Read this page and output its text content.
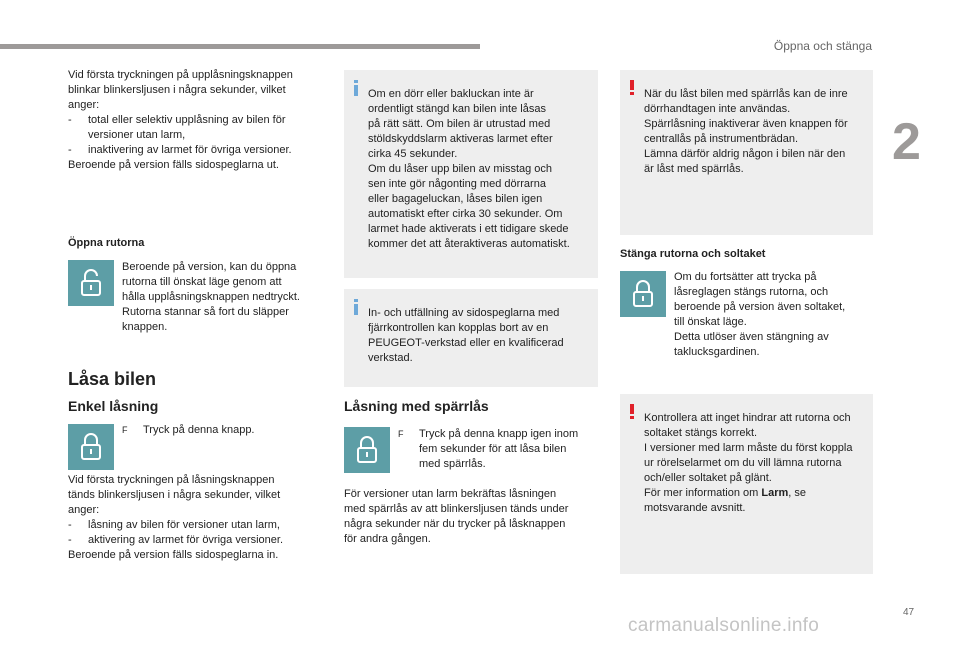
Öppna och stänga
2

Vid första tryckningen på upplåsningsknappen
blinkar blinkersljusen i några sekunder, vilket
anger:

- total eller selektiv upplåsning av bilen för
versioner utan larm,
- inaktivering av larmet för övriga versioner.

Beroende på version fälls sidospeglarna ut.

Öppna rutorna

Beroende på version, kan du öppna
rutorna till önskat läge genom att
hålla upplåsningsknappen nedtryckt.
Rutorna stannar så fort du släpper
knappen.

Låsa bilen
Enkel låsning
F Tryck på denna knapp.

Vid första tryckningen på låsningsknappen
tänds blinkersljusen i några sekunder, vilket
anger:

- låsning av bilen för versioner utan larm,
- aktivering av larmet för övriga versioner.

Beroende på version fälls sidospeglarna in.

Om en dörr eller bakluckan inte är
ordentligt stängd kan bilen inte låsas
på rätt sätt. Om bilen är utrustad med
stöldskyddslarm aktiveras larmet efter
cirka 45 sekunder.
Om du låser upp bilen av misstag och
sen inte gör någonting med dörrarna
eller bagageluckan, låses bilen igen
automatiskt efter cirka 30 sekunder. Om
larmet hade aktiverats i ett tidigare skede
kommer det att återaktiveras automatiskt.

In- och utfällning av sidospeglarna med
fjärrkontrollen kan kopplas bort av en
PEUGEOT-verkstad eller en kvalificerad
verkstad.

Låsning med spärrlås
F Tryck på denna knapp igen inom
fem sekunder för att låsa bilen
med spärrlås.

För versioner utan larm bekräftas låsningen
med spärrlås av att blinkersljusen tänds under
några sekunder när du trycker på låsknappen
för andra gången.

När du låst bilen med spärrlås kan de inre
dörrhandtagen inte användas.
Spärrlåsning inaktiverar även knappen för
centrallås på instrumentbrädan.
Lämna därför aldrig någon i bilen när den
är låst med spärrlås.

Stänga rutorna och soltaket

Om du fortsätter att trycka på
låsreglagen stängs rutorna, och
beroende på version även soltaket,
till önskat läge.
Detta utlöser även stängning av
taklucksgardinen.

Kontrollera att inget hindrar att rutorna och
soltaket stängs korrekt.
I versioner med larm måste du först koppla
ur rörelselarmet om du vill lämna rutorna
och/eller soltaket på glänt.
För mer information om Larm, se
motsvarande avsnitt.

47
carmanualsonline.info
